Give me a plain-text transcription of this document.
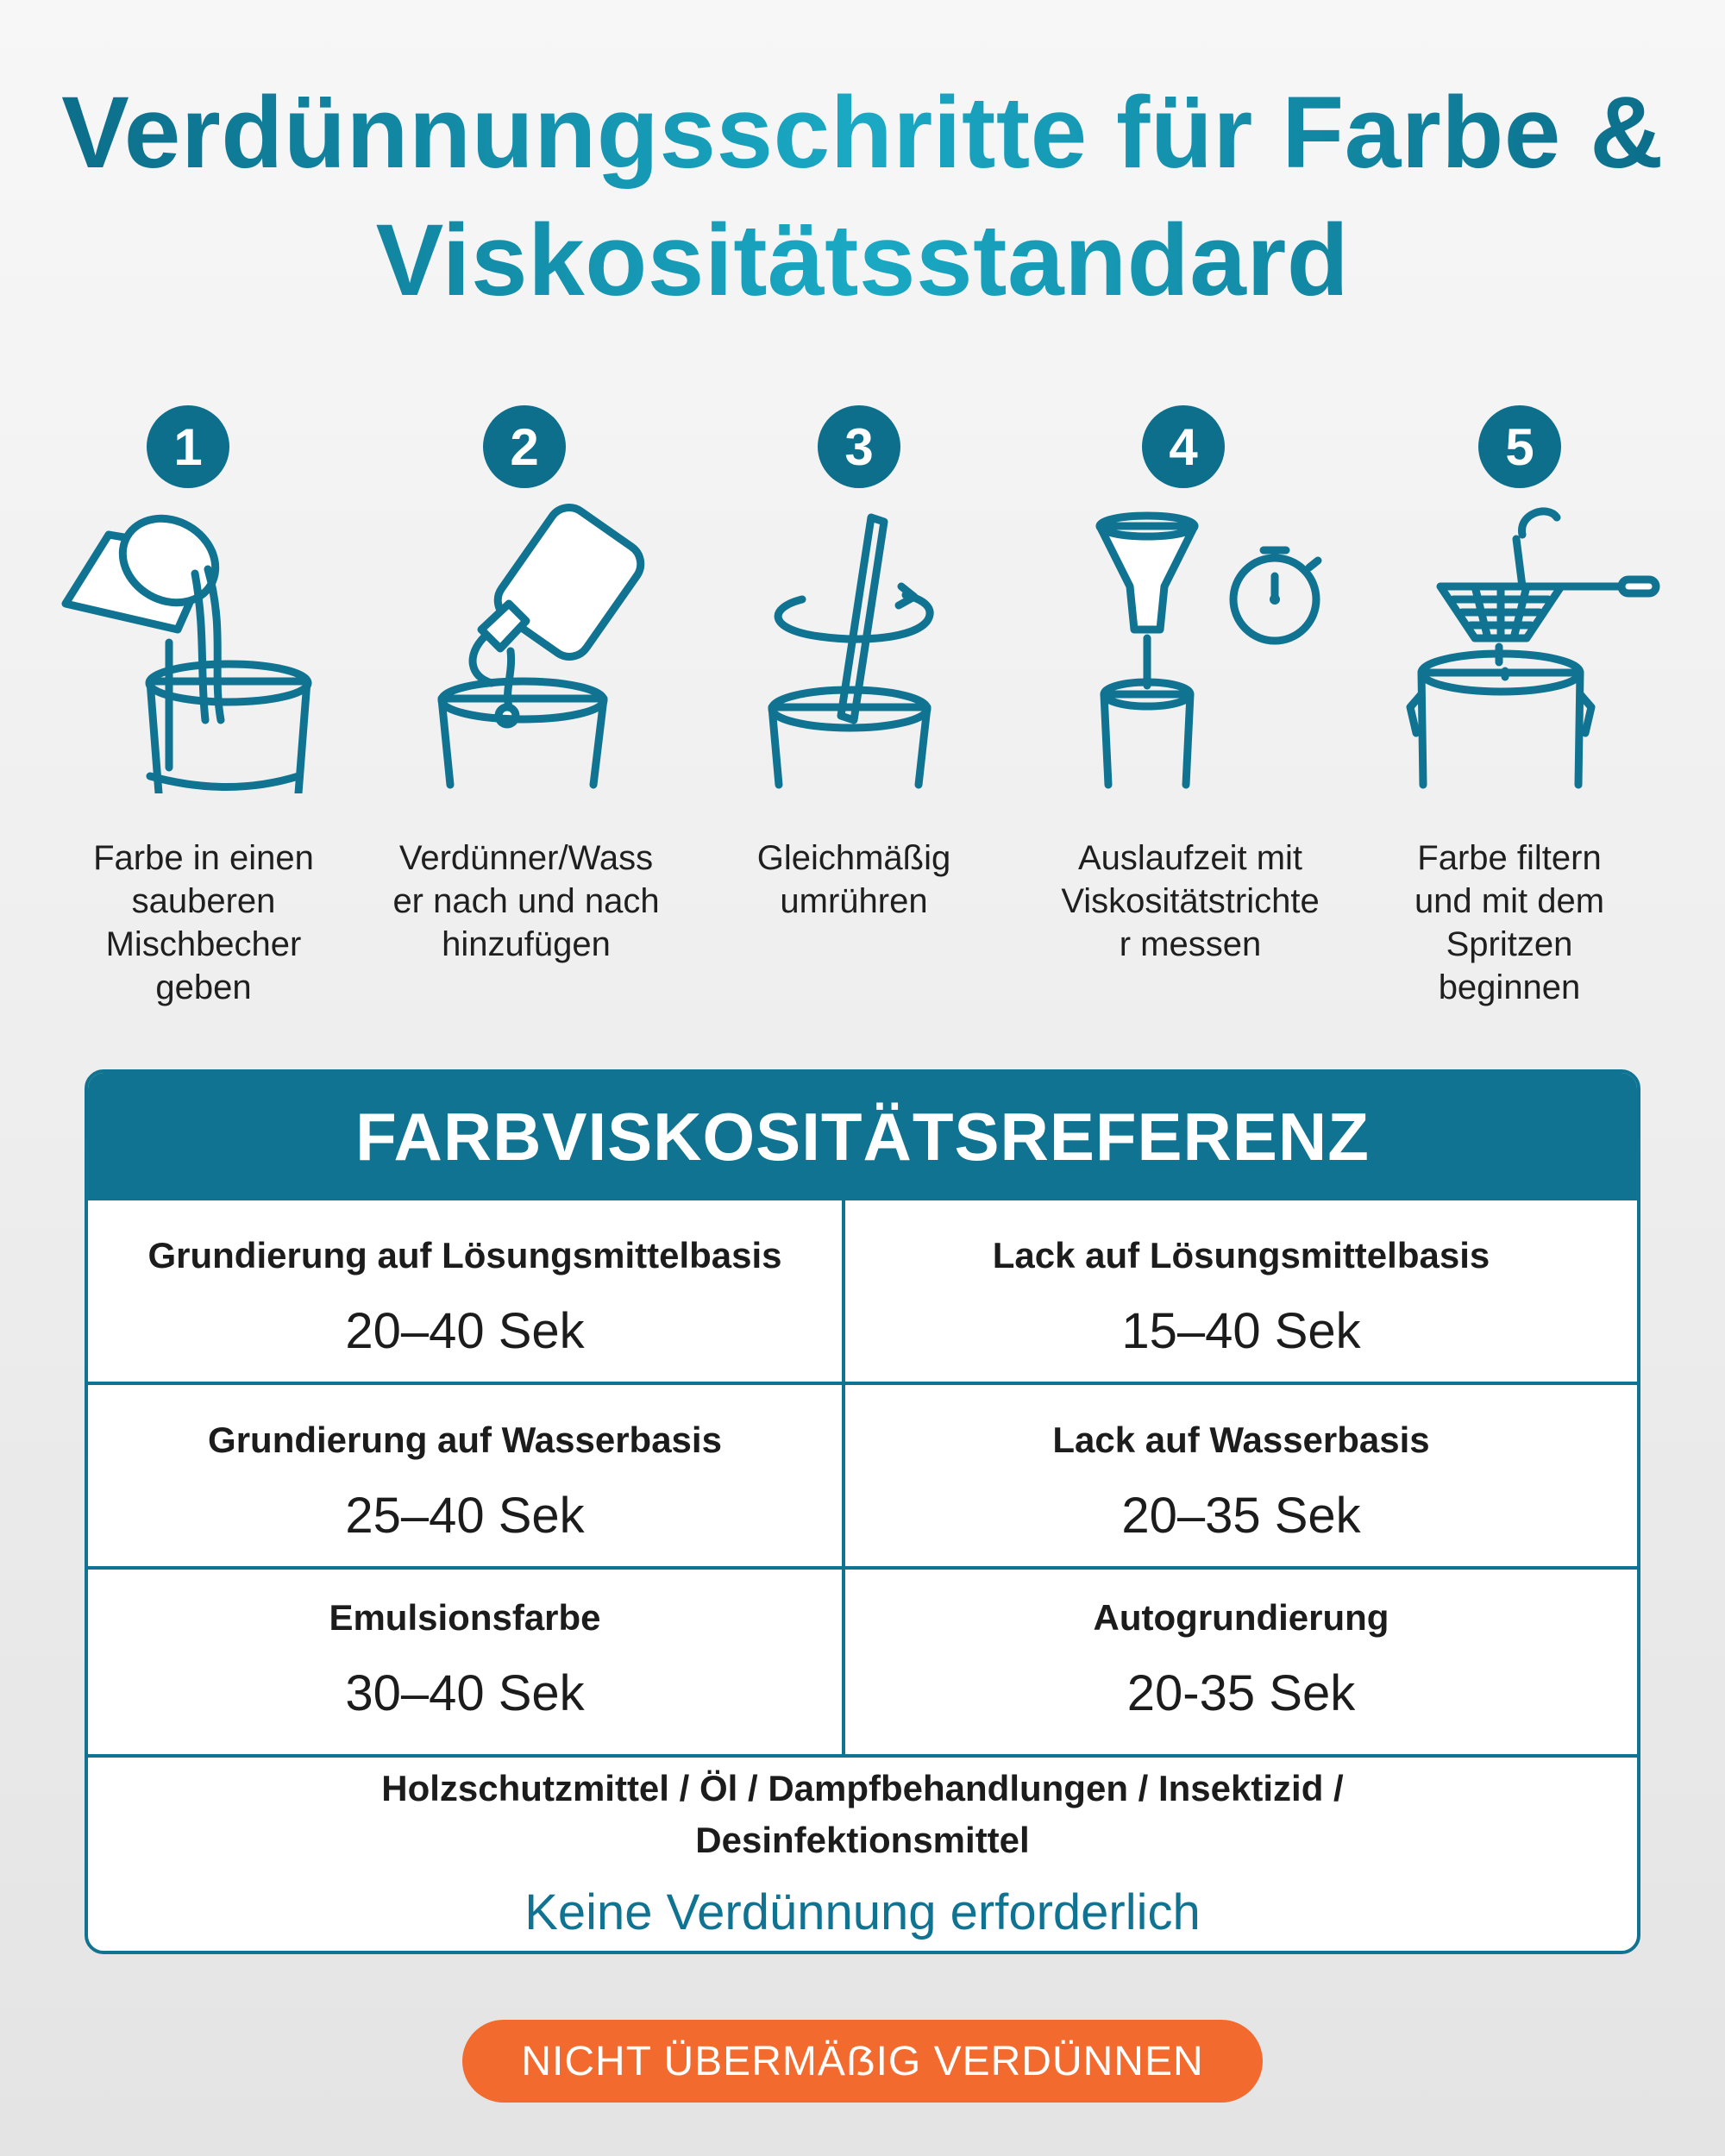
Verdünnungsschritte für Farbe &
Viskositätsstandard
1
Farbe in einen
sauberen
Mischbecher
geben
2
Verdünner/Wass
er nach und nach
hinzufügen
3
Gleichmäßig
umrühren
4
Auslaufzeit mit
Viskositätstrichte
r messen
5
Farbe filtern
und mit dem
Spritzen
beginnen
FARBVISKOSITÄTSREFERENZ
Grundierung auf Lösungsmittelbasis
20–40 Sek
Lack auf Lösungsmittelbasis
15–40 Sek
Grundierung auf Wasserbasis
25–40 Sek
Lack auf Wasserbasis
20–35 Sek
Emulsionsfarbe
30–40 Sek
Autogrundierung
20-35 Sek
Holzschutzmittel / Öl / Dampfbehandlungen / Insektizid /
Desinfektionsmittel
Keine Verdünnung erforderlich
NICHT ÜBERMÄẞIG VERDÜNNEN
